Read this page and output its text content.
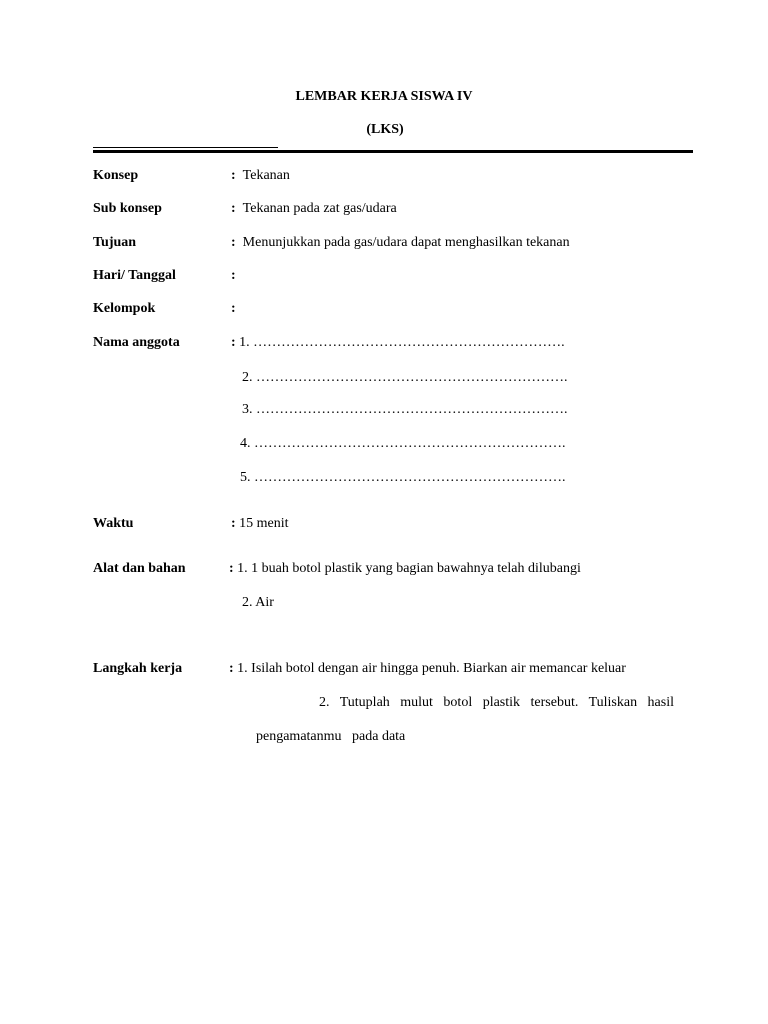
LEMBAR KERJA SISWA IV
(LKS)
Konsep	: Tekanan
Sub konsep	: Tekanan pada zat gas/udara
Tujuan	: Menunjukkan pada gas/udara dapat menghasilkan tekanan
Hari/ Tanggal	:
Kelompok	:
Nama anggota	: 1. ………………………………………………………….
2. ………………………………………………………….
3. ………………………………………………………….
4. ………………………………………………………….
5. ………………………………………………………….
Waktu	: 15 menit
Alat dan bahan	: 1. 1 buah botol plastik yang bagian bawahnya telah dilubangi
2. Air
Langkah kerja	: 1. Isilah botol dengan air hingga penuh. Biarkan air memancar keluar
2. Tutuplah mulut botol plastik tersebut. Tuliskan hasil
pengamatanmu   pada data
